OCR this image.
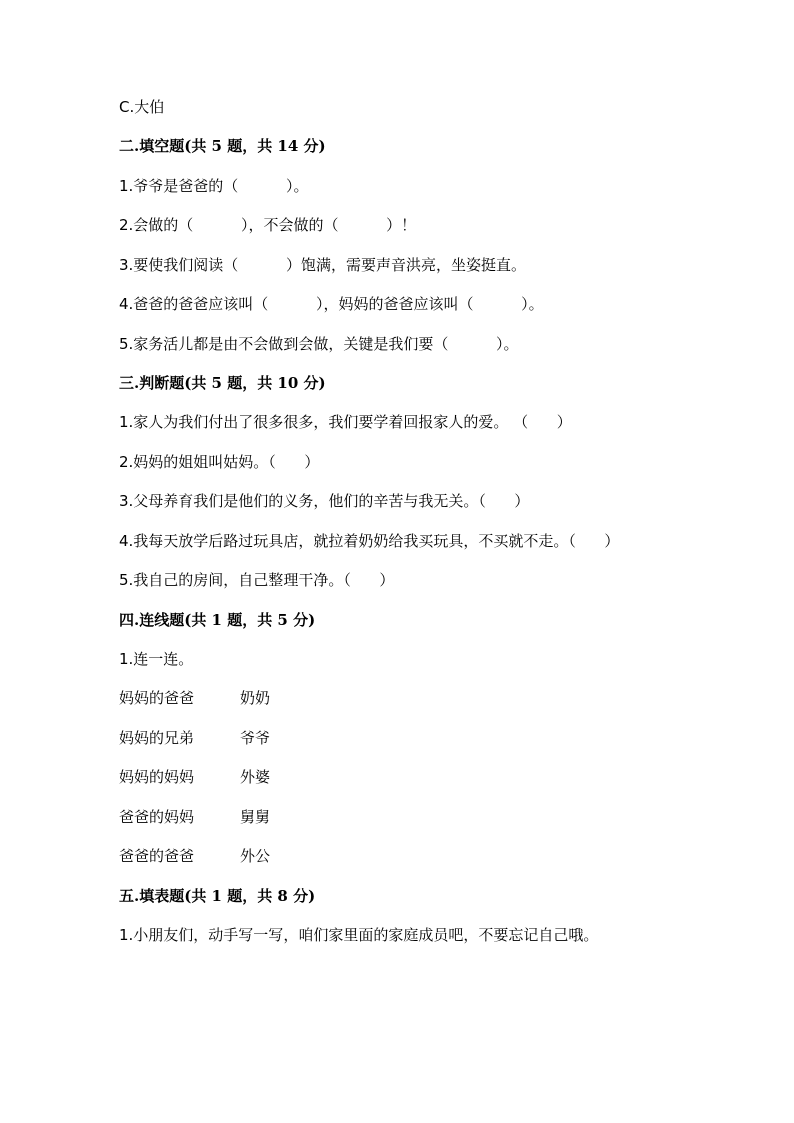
C.大伯
二.填空题(共 5 题，共 14 分)
1.爷爷是爸爸的（          ）。
2.会做的（          ），不会做的（          ）！
3.要使我们阅读（          ）饱满，需要声音洪亮，坐姿挺直。
4.爸爸的爸爸应该叫（          ），妈妈的爸爸应该叫（          ）。
5.家务活儿都是由不会做到会做，关键是我们要（          ）。
三.判断题(共 5 题，共 10 分)
1.家人为我们付出了很多很多，我们要学着回报家人的爱。 （      ）
2.妈妈的姐姐叫姑妈。（      ）
3.父母养育我们是他们的义务，他们的辛苦与我无关。（      ）
4.我每天放学后路过玩具店，就拉着奶奶给我买玩具，不买就不走。（      ）
5.我自己的房间，自己整理干净。（      ）
四.连线题(共 1 题，共 5 分)
1.连一连。
妈妈的爸爸	奶奶
妈妈的兄弟	爷爷
妈妈的妈妈	外婆
爸爸的妈妈	舅舅
爸爸的爸爸	外公
五.填表题(共 1 题，共 8 分)
1.小朋友们，动手写一写，咱们家里面的家庭成员吧，不要忘记自己哦。
